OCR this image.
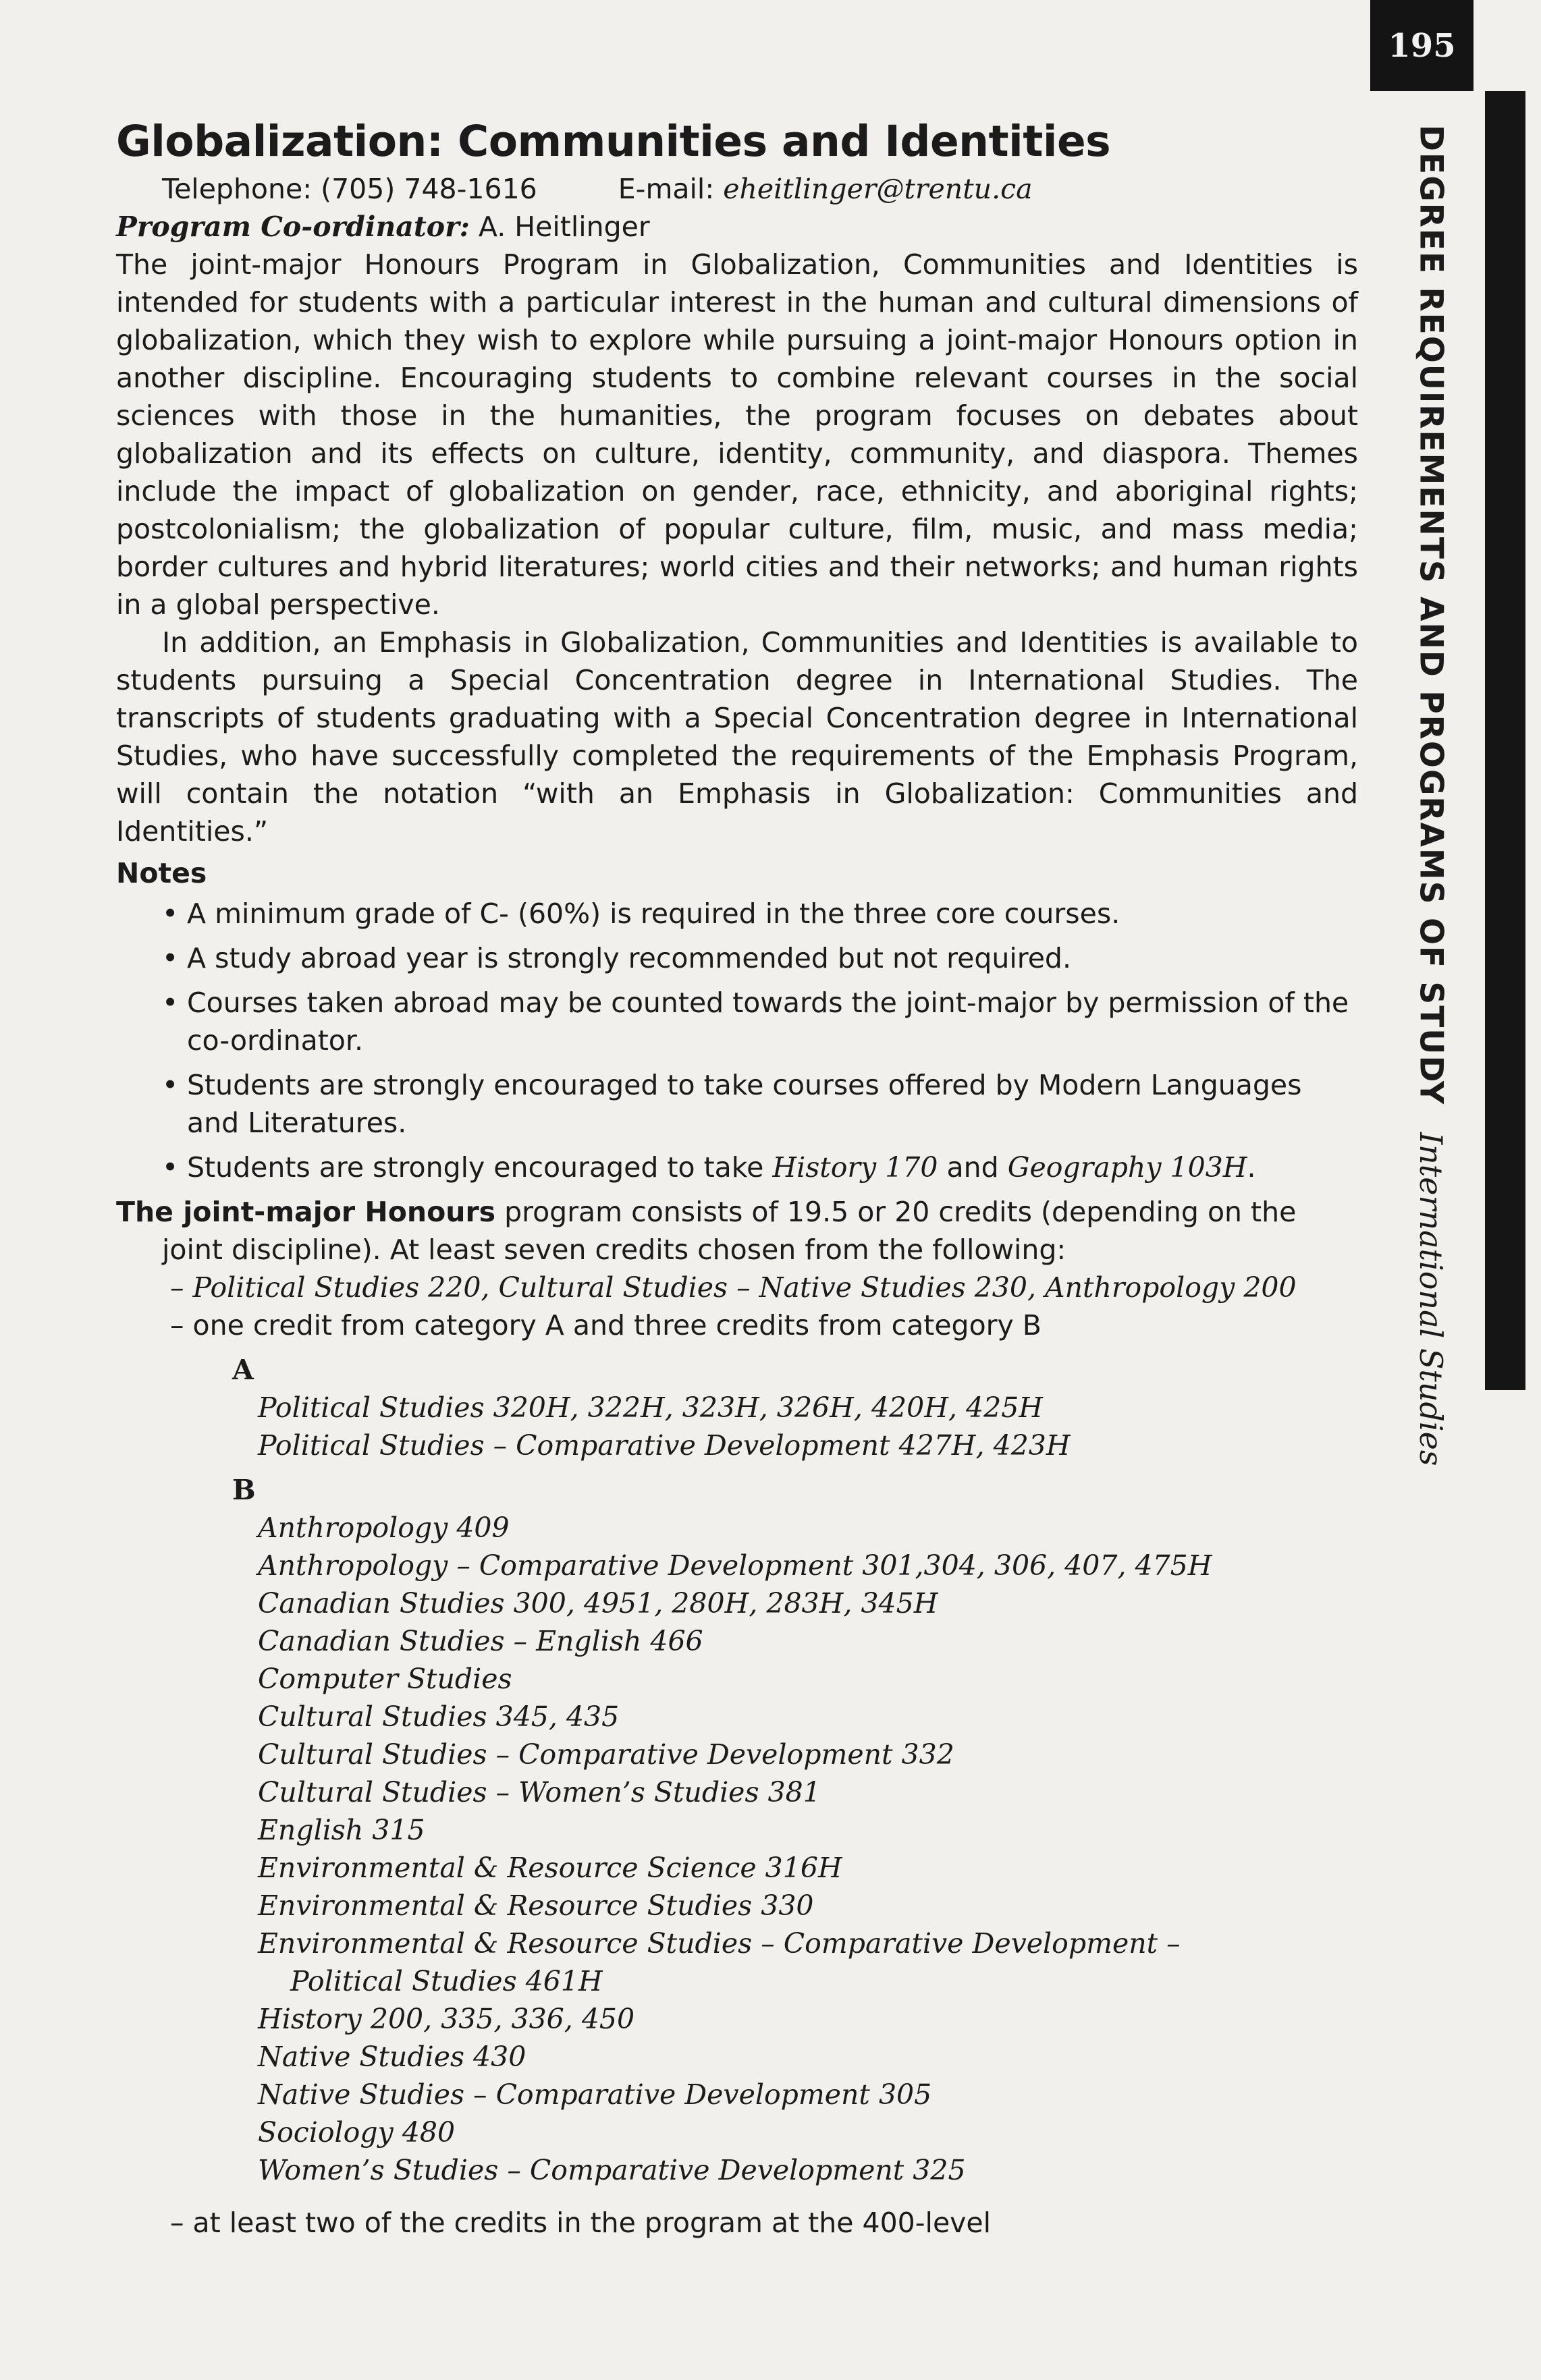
195
DEGREE REQUIREMENTS AND PROGRAMS OF STUDY
International Studies
Globalization: Communities and Identities
Telephone: (705) 748-1616	E-mail: eheitlinger@trentu.ca
Program Co-ordinator: A. Heitlinger

The joint-major Honours Program in Globalization, Communities and Identities is intended for students with a particular interest in the human and cultural dimensions of globalization, which they wish to explore while pursuing a joint-major Honours option in another discipline. Encouraging students to combine relevant courses in the social sciences with those in the humanities, the program focuses on debates about globalization and its effects on culture, identity, community, and diaspora. Themes include the impact of globalization on gender, race, ethnicity, and aboriginal rights; postcolonialism; the globalization of popular culture, film, music, and mass media; border cultures and hybrid literatures; world cities and their networks; and human rights in a global perspective.

In addition, an Emphasis in Globalization, Communities and Identities is available to students pursuing a Special Concentration degree in International Studies. The transcripts of students graduating with a Special Concentration degree in International Studies, who have successfully completed the requirements of the Emphasis Program, will contain the notation “with an Emphasis in Globalization: Communities and Identities.”

Notes
• A minimum grade of C- (60%) is required in the three core courses.
• A study abroad year is strongly recommended but not required.
• Courses taken abroad may be counted towards the joint-major by permission of the co-ordinator.
• Students are strongly encouraged to take courses offered by Modern Languages and Literatures.
• Students are strongly encouraged to take History 170 and Geography 103H.
The joint-major Honours program consists of 19.5 or 20 credits (depending on the joint discipline). At least seven credits chosen from the following:
– Political Studies 220, Cultural Studies – Native Studies 230, Anthropology 200
– one credit from category A and three credits from category B
A
Political Studies 320H, 322H, 323H, 326H, 420H, 425H
Political Studies – Comparative Development 427H, 423H
B
Anthropology 409
Anthropology – Comparative Development 301,304, 306, 407, 475H
Canadian Studies 300, 4951, 280H, 283H, 345H
Canadian Studies – English 466
Computer Studies
Cultural Studies 345, 435
Cultural Studies – Comparative Development 332
Cultural Studies – Women’s Studies 381
English 315
Environmental & Resource Science 316H
Environmental & Resource Studies 330
Environmental & Resource Studies – Comparative Development –
Political Studies 461H
History 200, 335, 336, 450
Native Studies 430
Native Studies – Comparative Development 305
Sociology 480
Women’s Studies – Comparative Development 325
– at least two of the credits in the program at the 400-level
